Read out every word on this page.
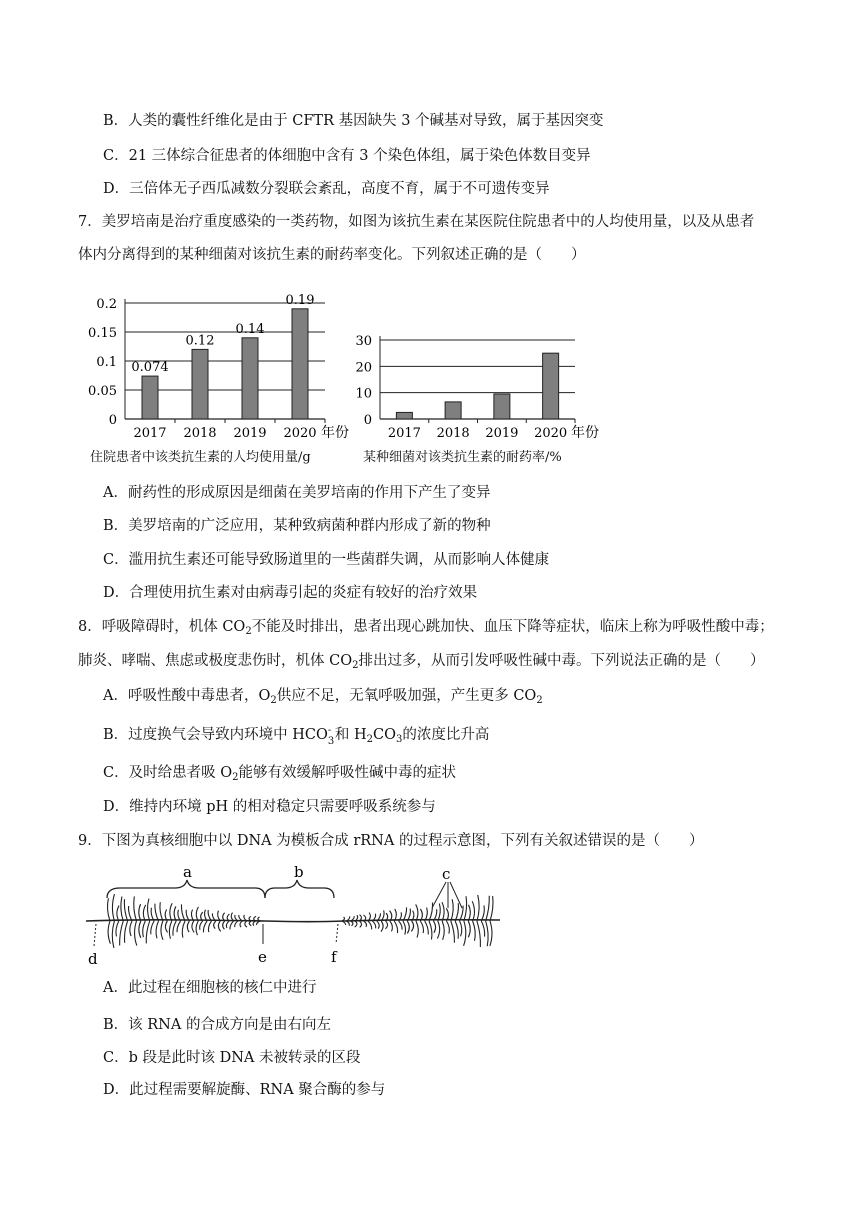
B．人类的囊性纤维化是由于 CFTR 基因缺失 3 个碱基对导致，属于基因突变
C．21 三体综合征患者的体细胞中含有 3 个染色体组，属于染色体数目变异
D．三倍体无子西瓜减数分裂联会紊乱，高度不育，属于不可遗传变异
7．美罗培南是治疗重度感染的一类药物，如图为该抗生素在某医院住院患者中的人均使用量，以及从患者
体内分离得到的某种细菌对该抗生素的耐药率变化。下列叙述正确的是（　　）
0
0.05
0.1
0.15
0.2
0.074
2017
0.12
2018
0.14
2019
0.19
2020 年份
住院患者中该类抗生素的人均使用量/g
0
10
20
30
2017 2018 2019 2020 年份
某种细菌对该类抗生素的耐药率/%
A．耐药性的形成原因是细菌在美罗培南的作用下产生了变异
B．美罗培南的广泛应用，某种致病菌种群内形成了新的物种
C．滥用抗生素还可能导致肠道里的一些菌群失调，从而影响人体健康
D．合理使用抗生素对由病毒引起的炎症有较好的治疗效果
8．呼吸障碍时，机体 $CO_2$不能及时排出，患者出现心跳加快、血压下降等症状，临床上称为呼吸性酸中毒；
肺炎、哮喘、焦虑或极度悲伤时，机体 $CO_2$排出过多，从而引发呼吸性碱中毒。下列说法正确的是（　　）
A．呼吸性酸中毒患者，$O_2$供应不足，无氧呼吸加强，产生更多 $CO_2$
B．过度换气会导致内环境中 HCO -
3 和 $H_2CO_3$的浓度比升高
C．及时给患者吸 $O_2$能够有效缓解呼吸性碱中毒的症状
D．维持内环境 pH 的相对稳定只需要呼吸系统参与
9．下图为真核细胞中以 DNA 为模板合成 rRNA 的过程示意图，下列有关叙述错误的是（　　）
a	b	c
d	e	f
A．此过程在细胞核的核仁中进行
B．该 RNA 的合成方向是由右向左
C．b 段是此时该 DNA 未被转录的区段
D．此过程需要解旋酶、RNA 聚合酶的参与
